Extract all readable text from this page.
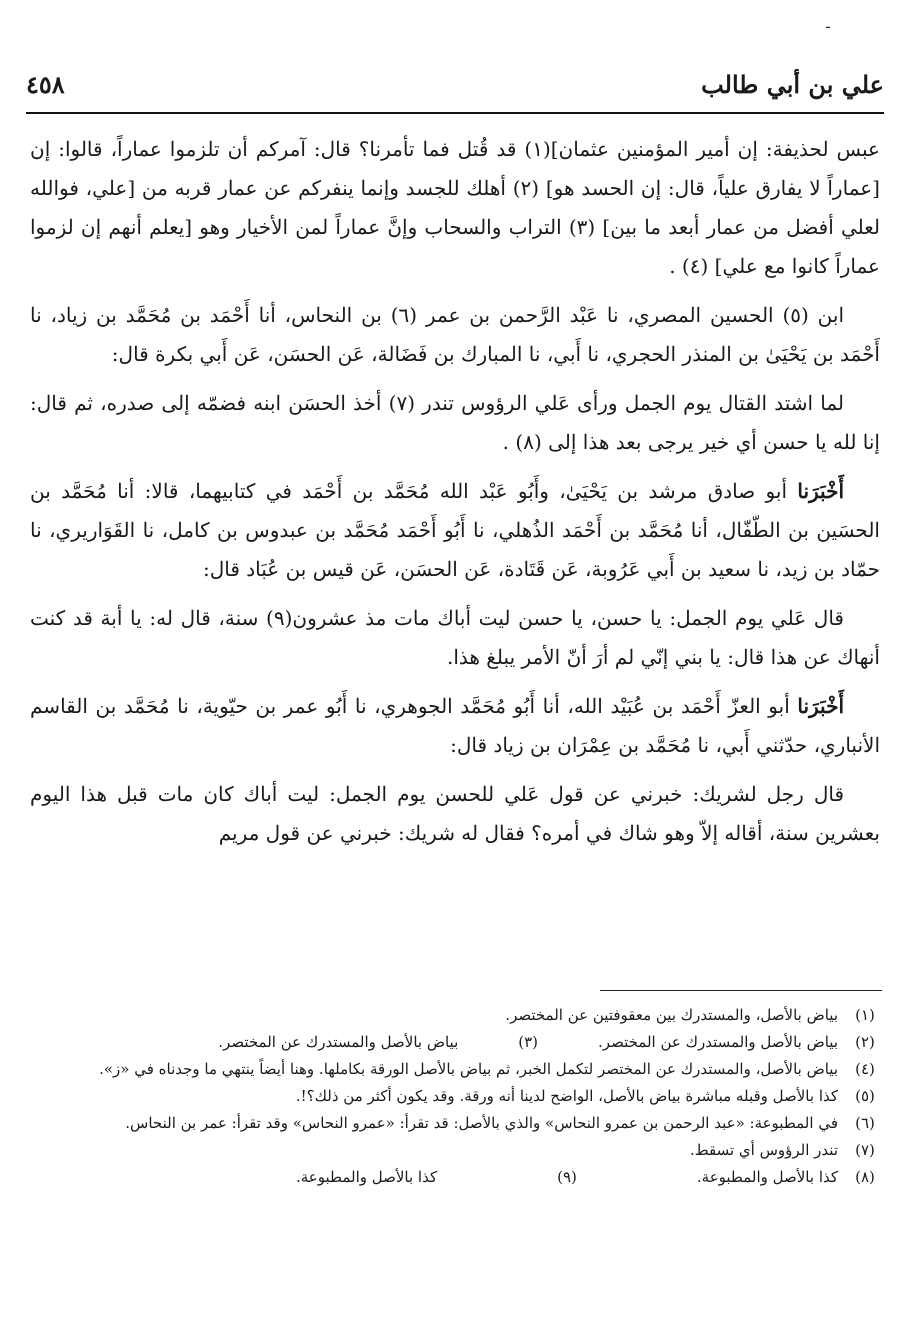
ـ
علي بن أبي طالب
٤٥٨

عبس لحذيفة: إن أمير المؤمنين عثمان](١) قد قُتل فما تأمرنا؟ قال: آمركم أن تلزموا عماراً، قالوا: إن [عماراً لا يفارق علياً، قال: إن الحسد هو] (٢) أهلك للجسد وإنما ينفركم عن عمار قربه من [علي، فوالله لعلي أفضل من عمار أبعد ما بين] (٣) التراب والسحاب وإنَّ عماراً لمن الأخيار وهو [يعلم أنهم إن لزموا عماراً كانوا مع علي] (٤) .

ابن (٥) الحسين المصري، نا عَبْد الرَّحمن بن عمر (٦) بن النحاس، أنا أَحْمَد بن مُحَمَّد بن زياد، نا أَحْمَد بن يَحْيَىٰ بن المنذر الحجري، نا أَبي، نا المبارك بن فَضَالة، عَن الحسَن، عَن أَبي بكرة قال:

لما اشتد القتال يوم الجمل ورأى عَلي الرؤوس تندر (٧) أخذ الحسَن ابنه فضمّه إلى صدره، ثم قال: إنا لله يا حسن أي خير يرجى بعد هذا إلى (٨) .

أَخْبَرَنا أبو صادق مرشد بن يَحْيَىٰ، وأَبُو عَبْد الله مُحَمَّد بن أَحْمَد في كتابيهما، قالا: أنا مُحَمَّد بن الحسَين بن الطّفّال، أنا مُحَمَّد بن أَحْمَد الذُهلي، نا أَبُو أَحْمَد مُحَمَّد بن عبدوس بن كامل، نا القَوَاريري، نا حمّاد بن زيد، نا سعيد بن أَبي عَرُوبة، عَن قَتَادة، عَن الحسَن، عَن قيس بن عُبَاد قال:

قال عَلي يوم الجمل: يا حسن، يا حسن ليت أباك مات مذ عشرون(٩) سنة، قال له: يا أبة قد كنت أنهاك عن هذا قال: يا بني إنّي لم أرَ أنّ الأمر يبلغ هذا.

أَخْبَرَنا أبو العزّ أَحْمَد بن عُبَيْد الله، أنا أَبُو مُحَمَّد الجوهري، نا أَبُو عمر بن حيّوية، نا مُحَمَّد بن القاسم الأنباري، حدّثني أَبي، نا مُحَمَّد بن عِمْرَان بن زياد قال:

قال رجل لشريك: خبرني عن قول عَلي للحسن يوم الجمل: ليت أباك كان مات قبل هذا اليوم بعشرين سنة، أقاله إلاّ وهو شاك في أمره؟ فقال له شريك: خبرني عن قول مريم

(١)
بياض بالأصل، والمستدرك بين معقوفتين عن المختصر.
(٢)
بياض بالأصل والمستدرك عن المختصر.
(٣)
بياض بالأصل والمستدرك عن المختصر.
(٤)
بياض بالأصل، والمستدرك عن المختصر لتكمل الخبر، ثم بياض بالأصل الورقة بكاملها. وهنا أيضاً ينتهي ما وجدناه في «ز».
(٥)
كذا بالأصل وقبله مباشرة بياض بالأصل، الواضح لدينا أنه ورقة. وقد يكون أكثر من ذلك؟!.
(٦)
في المطبوعة: «عبد الرحمن بن عمرو النحاس» والذي بالأصل: قد تقرأ: «عمرو النحاس» وقد تقرأ: عمر بن النحاس.
(٧)
تندر الرؤوس أي تسقط.
(٨)
كذا بالأصل والمطبوعة.
(٩)
كذا بالأصل والمطبوعة.
